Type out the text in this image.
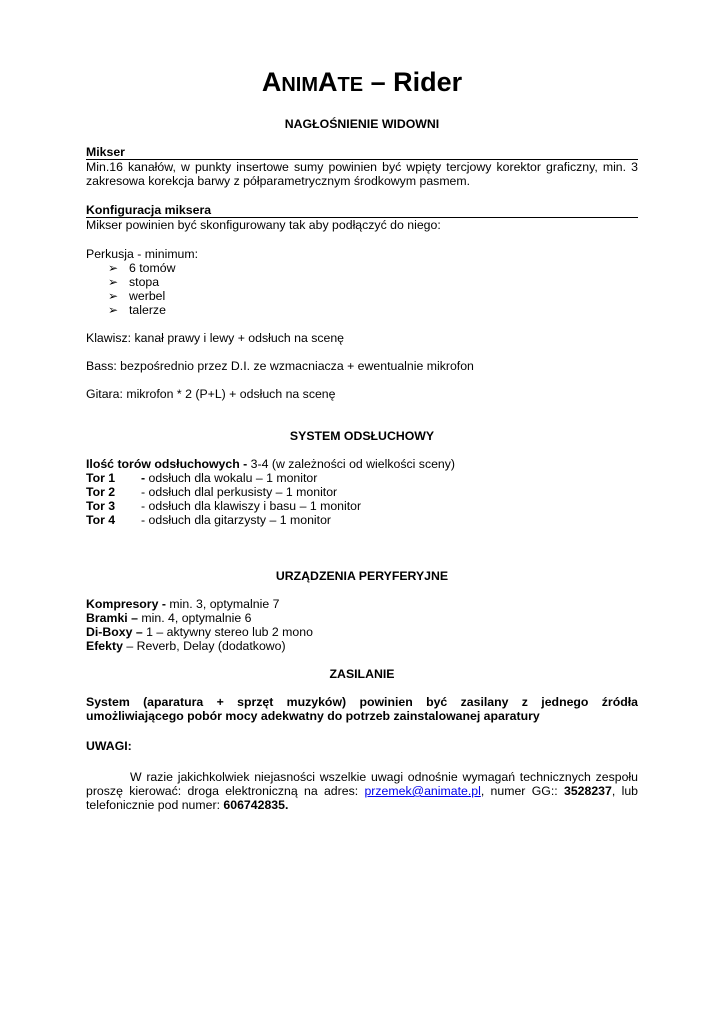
ANIMATE – Rider
NAGŁOŚNIENIE WIDOWNI
Mikser
Min.16 kanałów, w punkty insertowe sumy powinien być wpięty tercjowy korektor graficzny, min. 3 zakresowa korekcja barwy z półparametrycznym środkowym pasmem.
Konfiguracja miksera
Mikser powinien być skonfigurowany tak aby podłączyć do niego:
Perkusja - minimum:
➢ 6 tomów
➢ stopa
➢ werbel
➢ talerze
Klawisz: kanał prawy i lewy + odsłuch na scenę
Bass: bezpośrednio przez D.I. ze wzmacniacza + ewentualnie mikrofon
Gitara: mikrofon * 2 (P+L) + odsłuch na scenę
SYSTEM ODSŁUCHOWY
Ilość torów odsłuchowych - 3-4 (w zależności od wielkości sceny)
Tor 1 - odsłuch dla wokalu – 1 monitor
Tor 2 - odsłuch dlal perkusisty – 1 monitor
Tor 3 - odsłuch dla klawiszy i basu – 1 monitor
Tor 4 - odsłuch dla gitarzysty – 1 monitor
URZĄDZENIA PERYFERYJNE
Kompresory - min. 3, optymalnie 7
Bramki – min. 4, optymalnie 6
Di-Boxy – 1 – aktywny stereo lub 2 mono
Efekty – Reverb, Delay (dodatkowo)
ZASILANIE
System (aparatura + sprzęt muzyków) powinien być zasilany z jednego źródła umożliwiającego pobór mocy adekwatny do potrzeb zainstalowanej aparatury
UWAGI:
W razie jakichkolwiek niejasności wszelkie uwagi odnośnie wymagań technicznych zespołu proszę kierować: droga elektroniczną na adres: przemek@animate.pl, numer GG:: 3528237, lub telefonicznie pod numer: 606742835.
